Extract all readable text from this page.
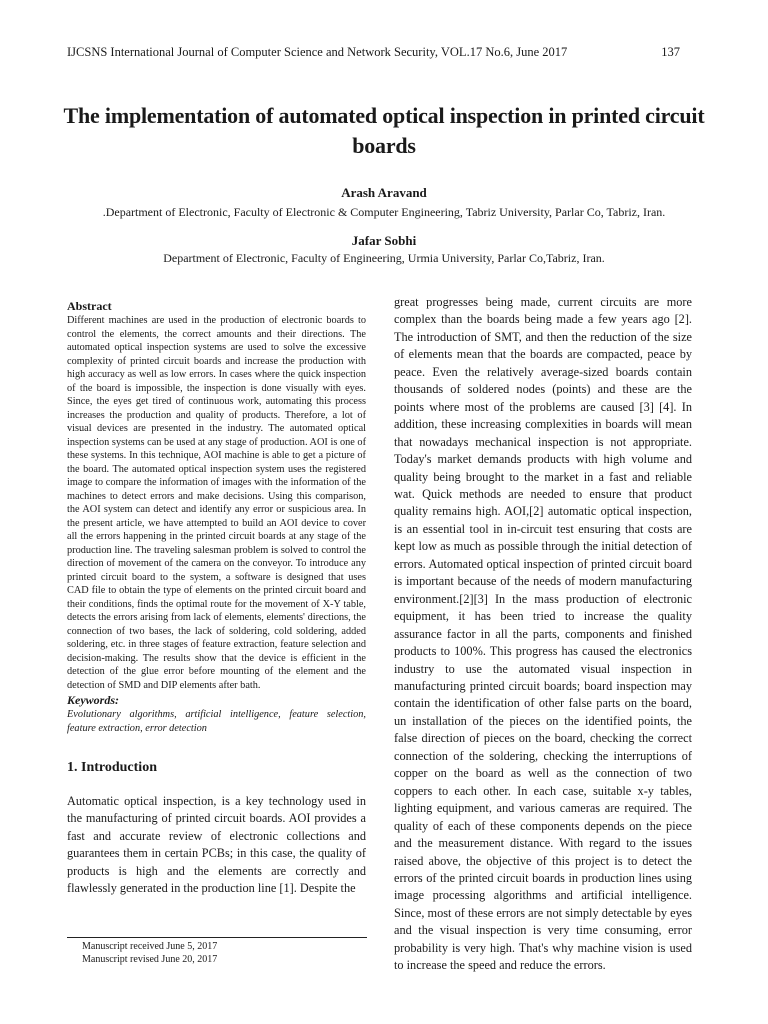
IJCSNS International Journal of Computer Science and Network Security, VOL.17 No.6, June 2017	137
The implementation of automated optical inspection in printed circuit boards
Arash Aravand
.Department of Electronic, Faculty of Electronic & Computer Engineering, Tabriz University, Parlar Co, Tabriz, Iran.
Jafar Sobhi
Department of Electronic, Faculty of Engineering, Urmia University, Parlar Co,Tabriz, Iran.
Abstract

Different machines are used in the production of electronic boards to control the elements, the correct amounts and their directions. The automated optical inspection systems are used to solve the excessive complexity of printed circuit boards and increase the production with high accuracy as well as low errors. In cases where the quick inspection of the board is impossible, the inspection is done visually with eyes. Since, the eyes get tired of continuous work, automating this process increases the production and quality of products. Therefore, a lot of visual devices are presented in the industry. The automated optical inspection systems can be used at any stage of production. AOI is one of these systems. In this technique, AOI machine is able to get a picture of the board. The automated optical inspection system uses the registered image to compare the information of images with the information of the machines to detect errors and make decisions. Using this comparison, the AOI system can detect and identify any error or suspicious area. In the present article, we have attempted to build an AOI device to cover all the errors happening in the printed circuit boards at any stage of the production line. The traveling salesman problem is solved to control the direction of movement of the camera on the conveyor. To introduce any printed circuit board to the system, a software is designed that uses CAD file to obtain the type of elements on the printed circuit board and their conditions, finds the optimal route for the movement of X-Y table, detects the errors arising from lack of elements, elements' directions, the connection of two bases, the lack of soldering, cold soldering, added soldering, etc. in three stages of feature extraction, feature selection and decision-making. The results show that the device is efficient in the detection of the glue error before mounting of the element and the detection of SMD and DIP elements after bath.

Keywords:

Evolutionary algorithms, artificial intelligence, feature selection, feature extraction, error detection

1. Introduction

Automatic optical inspection, is a key technology used in the manufacturing of printed circuit boards. AOI provides a fast and accurate review of electronic collections and guarantees them in certain PCBs; in this case, the quality of products is high and the elements are correctly and flawlessly generated in the production line [1]. Despite the

great progresses being made, current circuits are more complex than the boards being made a few years ago [2]. The introduction of SMT, and then the reduction of the size of elements mean that the boards are compacted, peace by peace. Even the relatively average-sized boards contain thousands of soldered nodes (points) and these are the points where most of the problems are caused [3] [4]. In addition, these increasing complexities in boards will mean that nowadays mechanical inspection is not appropriate. Today's market demands products with high volume and quality being brought to the market in a fast and reliable wat. Quick methods are needed to ensure that product quality remains high. AOI,[2] automatic optical inspection, is an essential tool in in-circuit test ensuring that costs are kept low as much as possible through the initial detection of errors. Automated optical inspection of printed circuit board is important because of the needs of modern manufacturing environment.[2][3] In the mass production of electronic equipment, it has been tried to increase the quality assurance factor in all the parts, components and finished products to 100%. This progress has caused the electronics industry to use the automated visual inspection in manufacturing printed circuit boards; board inspection may contain the identification of other false parts on the board, un installation of the pieces on the identified points, the false direction of pieces on the board, checking the correct connection of the soldering, checking the interruptions of copper on the board as well as the connection of two coppers to each other. In each case, suitable x-y tables, lighting equipment, and various cameras are required. The quality of each of these components depends on the piece and the measurement distance. With regard to the issues raised above, the objective of this project is to detect the errors of the printed circuit boards in production lines using image processing algorithms and artificial intelligence. Since, most of these errors are not simply detectable by eyes and the visual inspection is very time consuming, error probability is very high. That's why machine vision is used to increase the speed and reduce the errors.

Manuscript received June 5, 2017
Manuscript revised June 20, 2017
